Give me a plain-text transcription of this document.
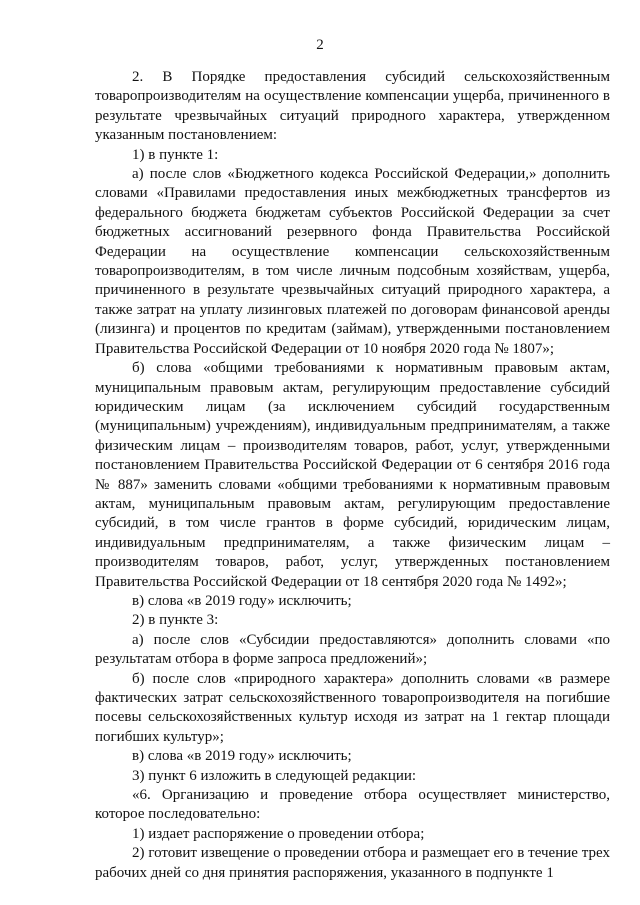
2

2. В Порядке предоставления субсидий сельскохозяйственным товаропроизводителям на осуществление компенсации ущерба, причиненного в результате чрезвычайных ситуаций природного характера, утвержденном указанным постановлением:

1) в пункте 1:

а) после слов «Бюджетного кодекса Российской Федерации,» дополнить словами «Правилами предоставления иных межбюджетных трансфертов из федерального бюджета бюджетам субъектов Российской Федерации за счет бюджетных ассигнований резервного фонда Правительства Российской Федерации на осуществление компенсации сельскохозяйственным товаропроизводителям, в том числе личным подсобным хозяйствам, ущерба, причиненного в результате чрезвычайных ситуаций природного характера, а также затрат на уплату лизинговых платежей по договорам финансовой аренды (лизинга) и процентов по кредитам (займам), утвержденными постановлением Правительства Российской Федерации от 10 ноября 2020 года № 1807»;

б) слова «общими требованиями к нормативным правовым актам, муниципальным правовым актам, регулирующим предоставление субсидий юридическим лицам (за исключением субсидий государственным (муниципальным) учреждениям), индивидуальным предпринимателям, а также физическим лицам – производителям товаров, работ, услуг, утвержденными постановлением Правительства Российской Федерации от 6 сентября 2016 года № 887» заменить словами «общими требованиями к нормативным правовым актам, муниципальным правовым актам, регулирующим предоставление субсидий, в том числе грантов в форме субсидий, юридическим лицам, индивидуальным предпринимателям, а также физическим лицам – производителям товаров, работ, услуг, утвержденных постановлением Правительства Российской Федерации от 18 сентября 2020 года № 1492»;

в) слова «в 2019 году» исключить;

2) в пункте 3:

а) после слов «Субсидии предоставляются» дополнить словами «по результатам отбора в форме запроса предложений»;

б) после слов «природного характера» дополнить словами «в размере фактических затрат сельскохозяйственного товаропроизводителя на погибшие посевы сельскохозяйственных культур исходя из затрат на 1 гектар площади погибших культур»;

в) слова «в 2019 году» исключить;

3) пункт 6 изложить в следующей редакции:

«6. Организацию и проведение отбора осуществляет министерство, которое последовательно:

1) издает распоряжение о проведении отбора;

2) готовит извещение о проведении отбора и размещает его в течение трех рабочих дней со дня принятия распоряжения, указанного в подпункте 1
